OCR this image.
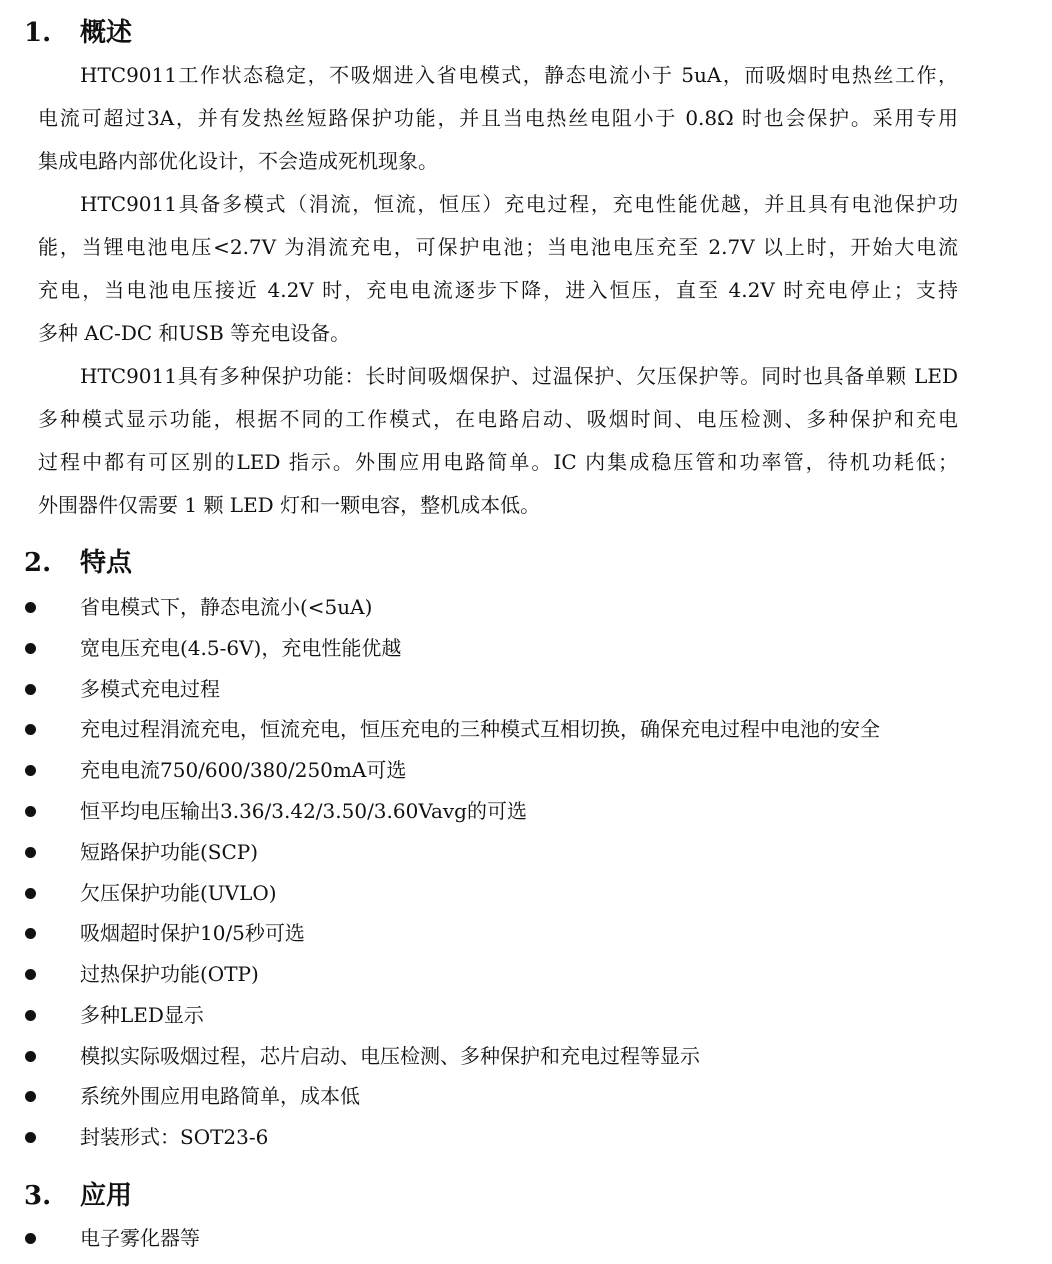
1. 概述
HTC9011工作状态稳定，不吸烟进入省电模式，静态电流小于 5uA，而吸烟时电热丝工作，
电流可超过3A，并有发热丝短路保护功能，并且当电热丝电阻小于 0.8Ω 时也会保护。采用专用
集成电路内部优化设计，不会造成死机现象。
HTC9011具备多模式（涓流，恒流，恒压）充电过程，充电性能优越，并且具有电池保护功
能，当锂电池电压<2.7V 为涓流充电，可保护电池；当电池电压充至 2.7V 以上时，开始大电流
充电，当电池电压接近 4.2V 时，充电电流逐步下降，进入恒压，直至 4.2V 时充电停止；支持
多种 AC-DC 和USB 等充电设备。
HTC9011具有多种保护功能：长时间吸烟保护、过温保护、欠压保护等。同时也具备单颗 LED
多种模式显示功能，根据不同的工作模式，在电路启动、吸烟时间、电压检测、多种保护和充电
过程中都有可区别的LED 指示。外围应用电路简单。IC 内集成稳压管和功率管，待机功耗低；
外围器件仅需要 1 颗 LED 灯和一颗电容，整机成本低。
2. 特点
省电模式下，静态电流小(<5uA)
宽电压充电(4.5-6V)，充电性能优越
多模式充电过程
充电过程涓流充电，恒流充电，恒压充电的三种模式互相切换，确保充电过程中电池的安全
充电电流750/600/380/250mA可选
恒平均电压输出3.36/3.42/3.50/3.60Vavg的可选
短路保护功能(SCP)
欠压保护功能(UVLO)
吸烟超时保护10/5秒可选
过热保护功能(OTP)
多种LED显示
模拟实际吸烟过程，芯片启动、电压检测、多种保护和充电过程等显示
系统外围应用电路简单，成本低
封装形式：SOT23-6
3. 应用
电子雾化器等
